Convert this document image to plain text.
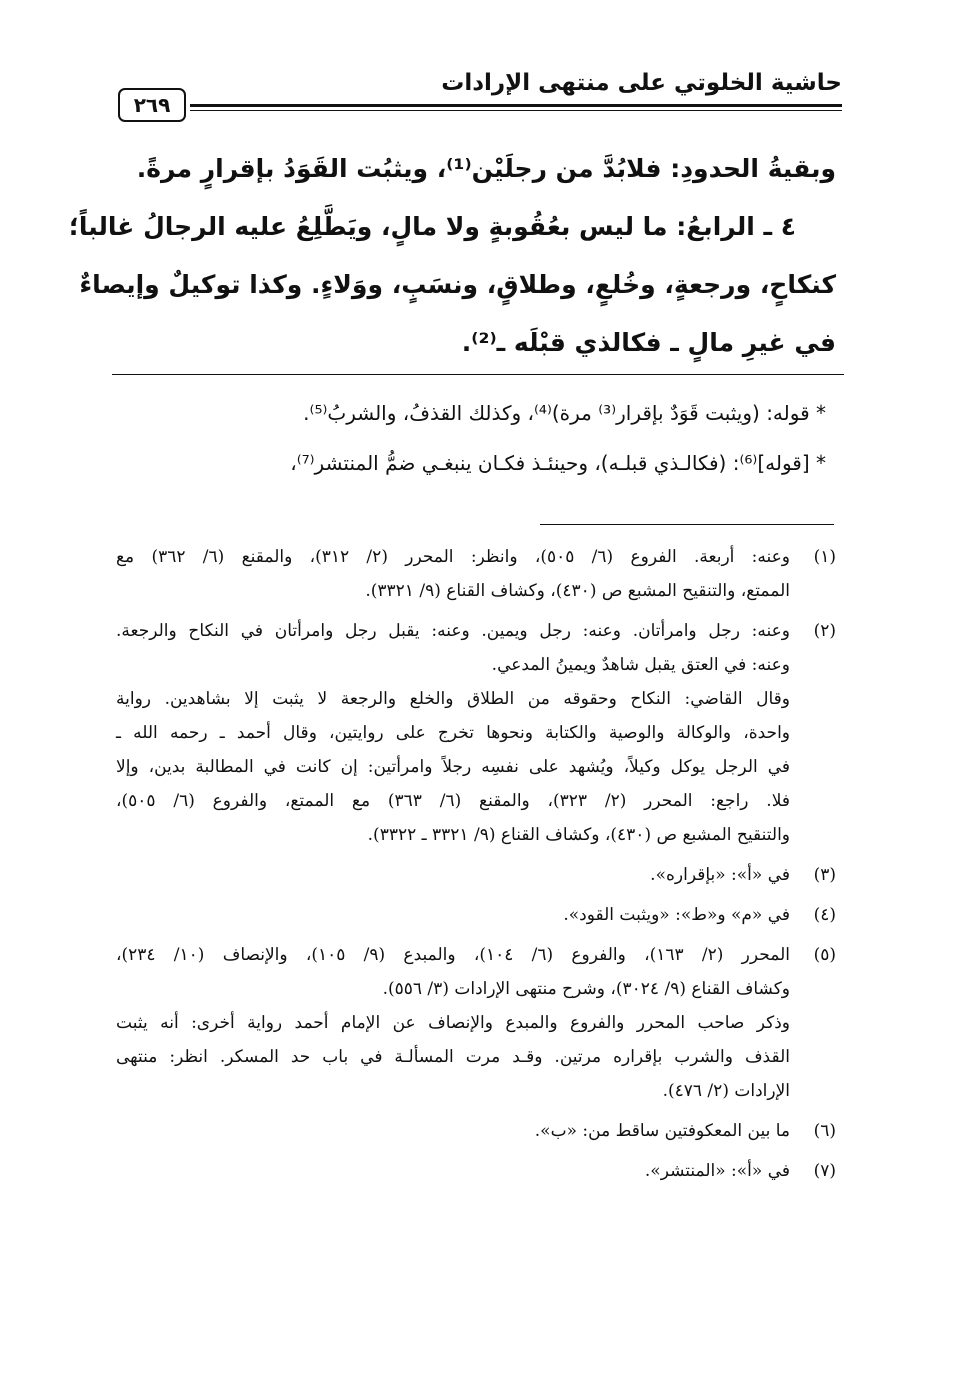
حاشية الخلوتي على منتهى الإرادات
٢٦٩
وبقيةُ الحدودِ: فلابُدَّ من رجلَيْن⁽¹⁾، ويثبُت القَوَدُ بإقرارٍ مرةً.
٤ ـ الرابعُ: ما ليس بعُقُوبةٍ ولا مالٍ، ويَطَّلِعُ عليه الرجالُ غالباً؛
كنكاحٍ، ورجعةٍ، وخُلعٍ، وطلاقٍ، ونسَبٍ، ووَلاءٍ. وكذا توكيلٌ وإيصاءٌ
في غيرِ مالٍ ـ فكالذي قبْلَه ـ⁽²⁾.
* قوله: (ويثبت قَوَدٌ بإقرار⁽³⁾ مرة)⁽⁴⁾، وكذلك القذفُ، والشربُ⁽⁵⁾.
* [قوله]⁽⁶⁾: (فكالـذي قبلـه)، وحينئـذ فكـان ينبغـي ضمُّ المنتشر⁽⁷⁾،
(١)
وعنه: أربعة. الفروع (٦/ ٥٠٥)، وانظر: المحرر (٢/ ٣١٢)، والمقنع (٦/ ٣٦٢) مع
الممتع، والتنقيح المشبع ص (٤٣٠)، وكشاف القناع (٩/ ٣٣٢١).
(٢)
وعنه: رجل وامرأتان. وعنه: رجل ويمين. وعنه: يقبل رجل وامرأتان في النكاح والرجعة.
وعنه: في العتق يقبل شاهدٌ ويمينُ المدعي.
وقال القاضي: النكاح وحقوقه من الطلاق والخلع والرجعة لا يثبت إلا بشاهدين. رواية
واحدة، والوكالة والوصية والكتابة ونحوها تخرج على روايتين، وقال أحمد ـ رحمه الله ـ
في الرجل يوكل وكيلاً، ويُشهد على نفسِه رجلاً وامرأتين: إن كانت في المطالبة بدين، وإلا
فلا. راجع: المحرر (٢/ ٣٢٣)، والمقنع (٦/ ٣٦٣) مع الممتع، والفروع (٦/ ٥٠٥)،
والتنقيح المشبع ص (٤٣٠)، وكشاف القناع (٩/ ٣٣٢١ ـ ٣٣٢٢).
(٣)
في «أ»: «بإقراره».
(٤)
في «م» و«ط»: «ويثبت القود».
(٥)
المحرر (٢/ ١٦٣)، والفروع (٦/ ١٠٤)، والمبدع (٩/ ١٠٥)، والإنصاف (١٠/ ٢٣٤)،
وكشاف القناع (٩/ ٣٠٢٤)، وشرح منتهى الإرادات (٣/ ٥٥٦).
وذكر صاحب المحرر والفروع والمبدع والإنصاف عن الإمام أحمد رواية أخرى: أنه يثبت
القذف والشرب بإقراره مرتين. وقـد مرت المسألـة في باب حد المسكر. انظر: منتهى
الإرادات (٢/ ٤٧٦).
(٦)
ما بين المعكوفتين ساقط من: «ب».
(٧)
في «أ»: «المنتشر».
